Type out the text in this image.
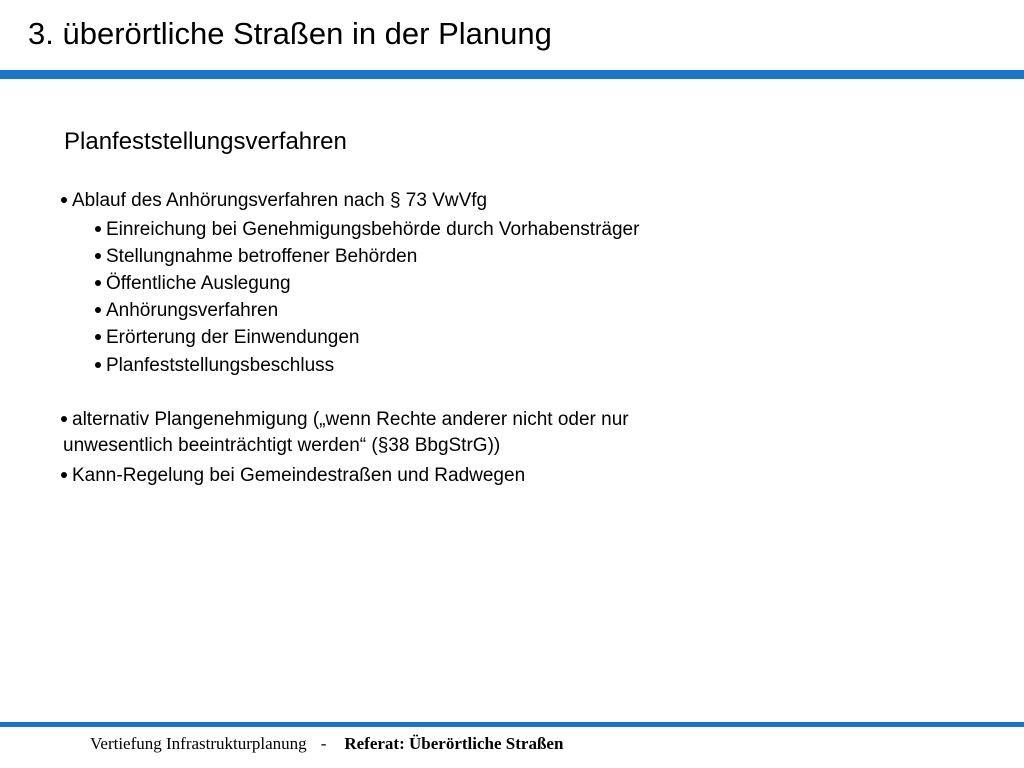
3. überörtliche Straßen in der Planung
Planfeststellungsverfahren
Ablauf des Anhörungsverfahren nach § 73 VwVfg
Einreichung bei Genehmigungsbehörde durch Vorhabensträger
Stellungnahme betroffener Behörden
Öffentliche Auslegung
Anhörungsverfahren
Erörterung der Einwendungen
Planfeststellungsbeschluss
alternativ Plangenehmigung („wenn Rechte anderer nicht oder nur
unwesentlich beeinträchtigt werden“ (§38 BbgStrG))
Kann-Regelung bei Gemeindestraßen und Radwegen
Vertiefung Infrastrukturplanung - Referat: Überörtliche Straßen
